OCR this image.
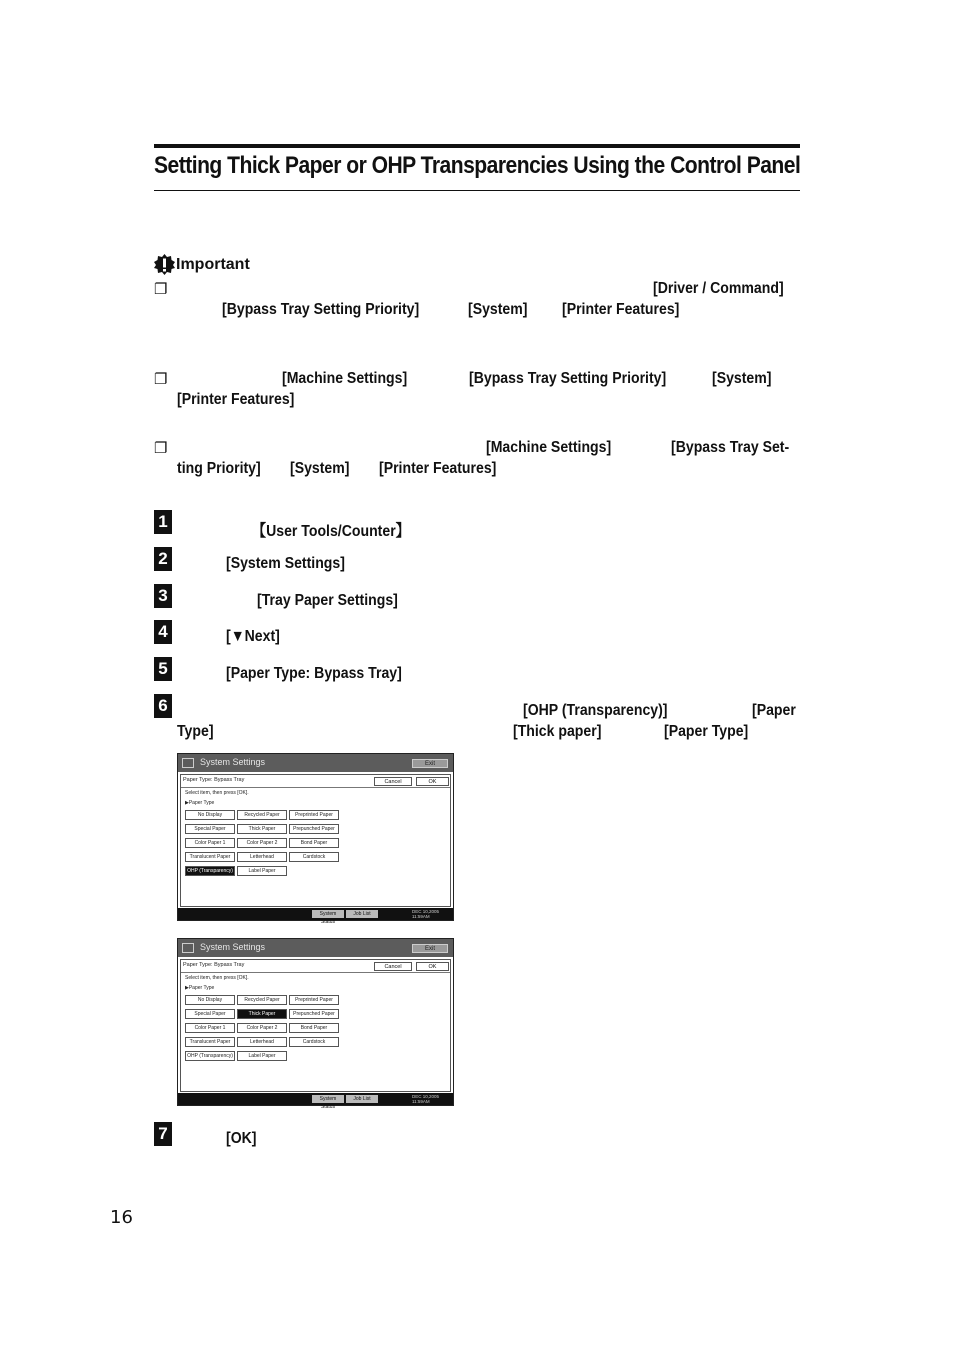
Setting Thick Paper or OHP Transparencies Using the Control Panel
Important
❐	[Driver / Command]
[Bypass Tray Setting Priority]	[System] [Printer Features]
❐	[Machine Settings]	[Bypass Tray Setting Priority]	[System]
[Printer Features]
❐	[Machine Settings]	[Bypass Tray Set-
ting Priority] [System] [Printer Features]
1
【User Tools/Counter】
2	[System Settings]
3	[Tray Paper Settings]
4	[▼Next]
5	[Paper Type: Bypass Tray]
6	[OHP (Transparency)]	[Paper
Type]	[Thick paper]	[Paper Type]
System Settings	Exit
Paper Type: Bypass Tray	Cancel	OK
Select item, then press [OK].
▶Paper Type
No Display	Recycled Paper	Preprinted Paper
Special Paper	Thick Paper	Prepunched Paper
Color Paper 1	Color Paper 2	Bond Paper
Translucent Paper	Letterhead	Cardstock
OHP (Transparency)	Label Paper
System Status
Job List	DEC 10,2005
11:59AM
System Settings	Exit
Paper Type: Bypass Tray	Cancel	OK
Select item, then press [OK].
▶Paper Type
No Display	Recycled Paper	Preprinted Paper
Special Paper	Thick Paper	Prepunched Paper
Color Paper 1	Color Paper 2	Bond Paper
Translucent Paper	Letterhead	Cardstock
OHP (Transparency)	Label Paper
System Status
Job List	DEC 10,2005
11:59AM
7	[OK]
16
